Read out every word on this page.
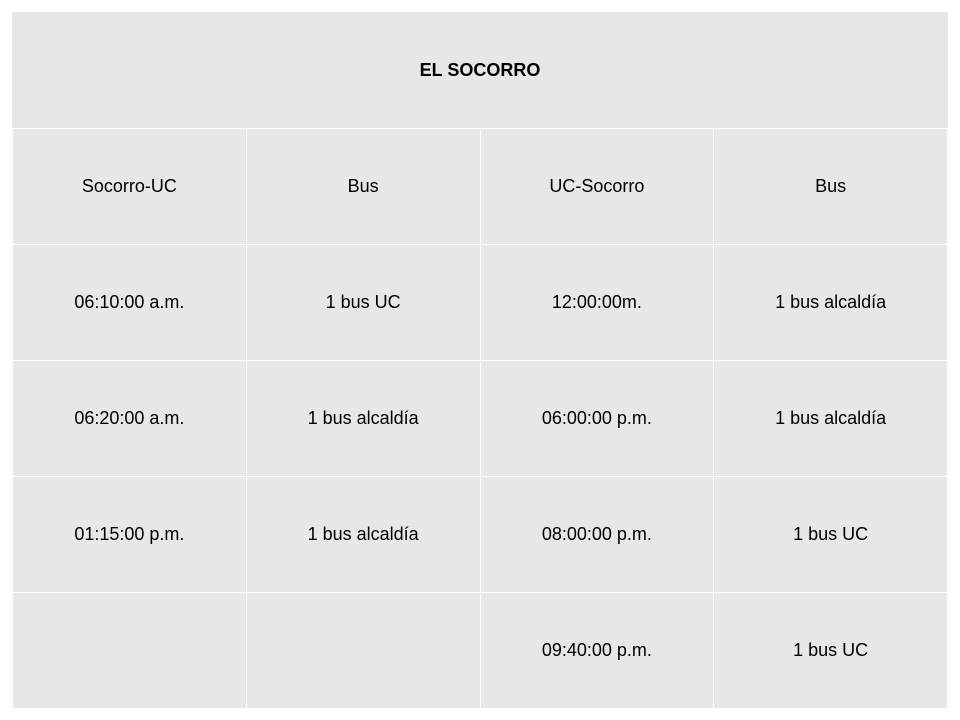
EL SOCORRO			
Socorro-UC	Bus	UC-Socorro	Bus
06:10:00 a.m.	1 bus UC	12:00:00m.	1 bus alcaldía
06:20:00 a.m.	1 bus alcaldía	06:00:00 p.m.	1 bus alcaldía
01:15:00 p.m.	1 bus alcaldía	08:00:00 p.m.	1 bus UC
		09:40:00 p.m.	1 bus UC
